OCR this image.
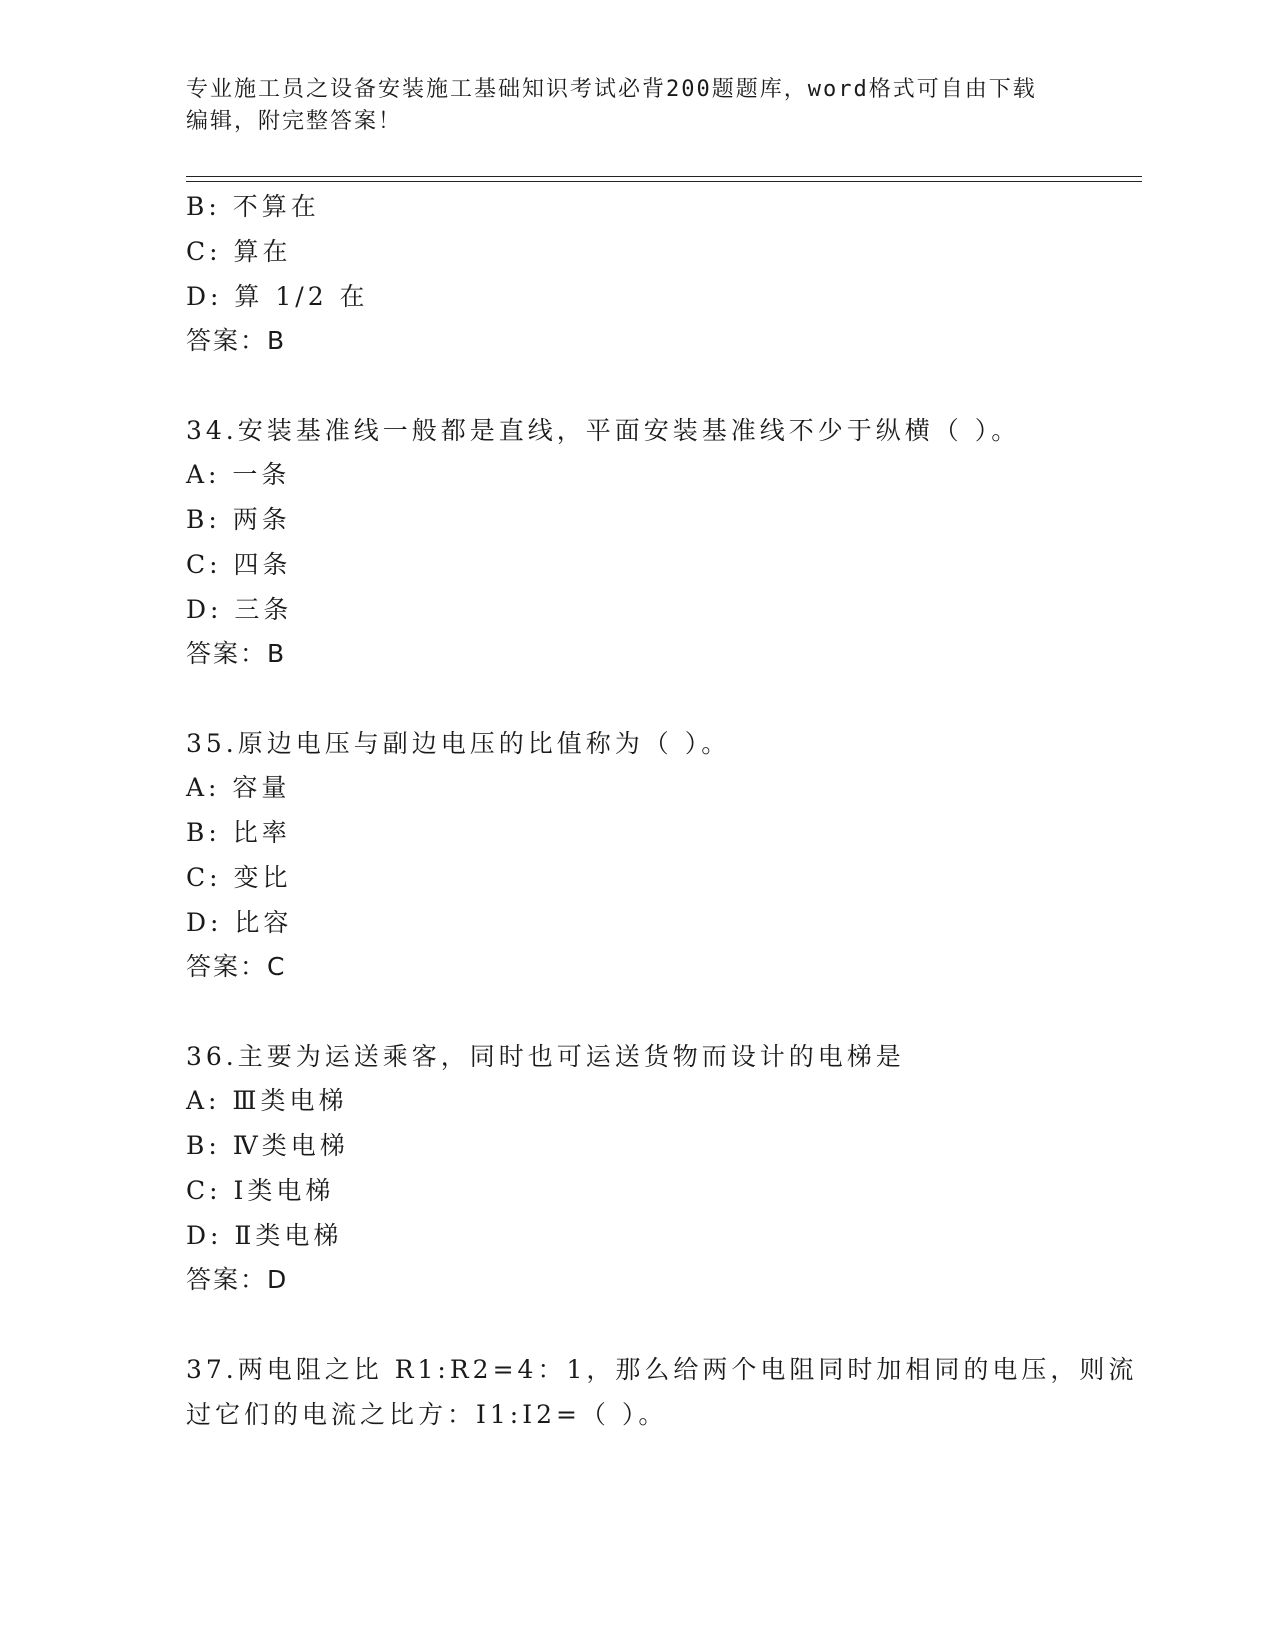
专业施工员之设备安装施工基础知识考试必背200题题库，word格式可自由下载
编辑，附完整答案！
B: 不算在
C: 算在
D: 算 1/2 在
答案：B
34.安装基准线一般都是直线，平面安装基准线不少于纵横（ ）。
A: 一条
B: 两条
C: 四条
D: 三条
答案：B
35.原边电压与副边电压的比值称为（ ）。
A: 容量
B: 比率
C: 变比
D: 比容
答案：C
36.主要为运送乘客，同时也可运送货物而设计的电梯是
A: Ⅲ类电梯
B: Ⅳ类电梯
C: Ⅰ类电梯
D: Ⅱ类电梯
答案：D
37.两电阻之比 R1:R2=4：1，那么给两个电阻同时加相同的电压，则流
过它们的电流之比方：I1:I2=（ ）。
